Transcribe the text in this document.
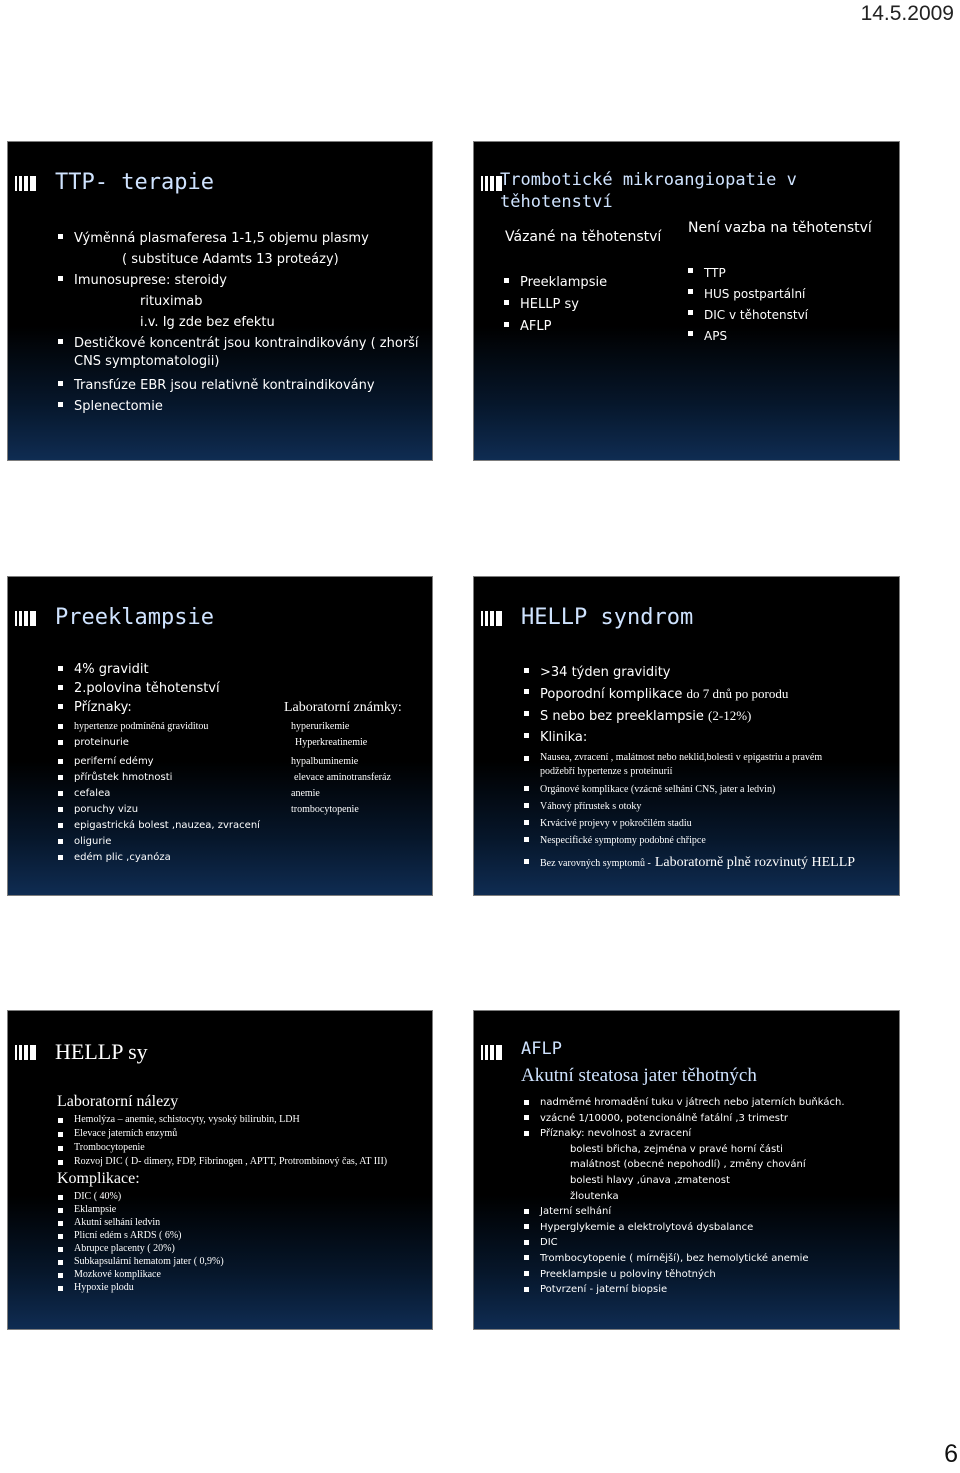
14.5.2009
TTP- terapie
Výměnná plasmaferesa 1-1,5 objemu plasmy
( substituce Adamts 13 proteázy)
Imunosuprese: steroidy
rituximab
i.v. Ig zde bez efektu
Destičkové koncentrát jsou kontraindikovány ( zhorší
CNS symptomatologii)
Transfúze EBR jsou relativně kontraindikovány
Splenectomie
Trombotické mikroangiopatie v
těhotenství
Vázané na těhotenství
Není vazba na těhotenství
Preeklampsie
HELLP sy
AFLP
TTP
HUS postpartální
DIC v těhotenství
APS
Preeklampsie
4% gravidit
2.polovina těhotenství
Příznaky:	Laboratorní známky:
hypertenze podmíněná graviditou
proteinurie
periferní edémy
přírůstek hmotnosti
cefalea
poruchy vizu
epigastrická bolest ,nauzea, zvracení
oligurie
edém plic ,cyanóza
hyperurikemie
Hyperkreatinemie
hypalbuminemie
elevace aminotransferáz
anemie
trombocytopenie
HELLP syndrom
>34 týden gravidity
Poporodní komplikace do 7 dnů po porodu
S nebo bez preeklampsie (2-12%)
Klinika:
Nausea, zvracení , malátnost nebo neklid,bolesti v epigastriu a pravém
podžebří hypertenze s proteinurií
Orgánové komplikace (vzácně selhání CNS, jater a ledvin)
Váhový přírustek s otoky
Krvácivé projevy v pokročilém stadiu
Nespecifické symptomy podobné chřipce
Bez varovných symptomů - Laboratorně plně rozvinutý HELLP
HELLP sy
Laboratorní nálezy
Hemolýza – anemie, schistocyty, vysoký bilirubin, LDH
Elevace jaterních enzymů
Trombocytopenie
Rozvoj DIC ( D- dimery, FDP, Fibrinogen , APTT, Protrombinový čas, AT III)
Komplikace:
DIC ( 40%)
Eklampsie
Akutní selhání ledvin
Plicní edém s ARDS ( 6%)
Abrupce placenty ( 20%)
Subkapsulární hematom jater ( 0,9%)
Mozkové komplikace
Hypoxie plodu
AFLP
Akutní steatosa jater těhotných
nadměrné hromadění tuku v játrech nebo jaterních buňkách.
vzácné 1/10000, potencionálně fatální ,3 trimestr
Příznaky: nevolnost a zvracení
bolesti břicha, zejména v pravé horní části
malátnost (obecné nepohodlí) , změny chování
bolesti hlavy ,únava ,zmatenost
žloutenka
Jaterní selhání
Hyperglykemie a elektrolytová dysbalance
DIC
Trombocytopenie ( mírnější), bez hemolytické anemie
Preeklampsie u poloviny těhotných
Potvrzení - jaterní biopsie
6
